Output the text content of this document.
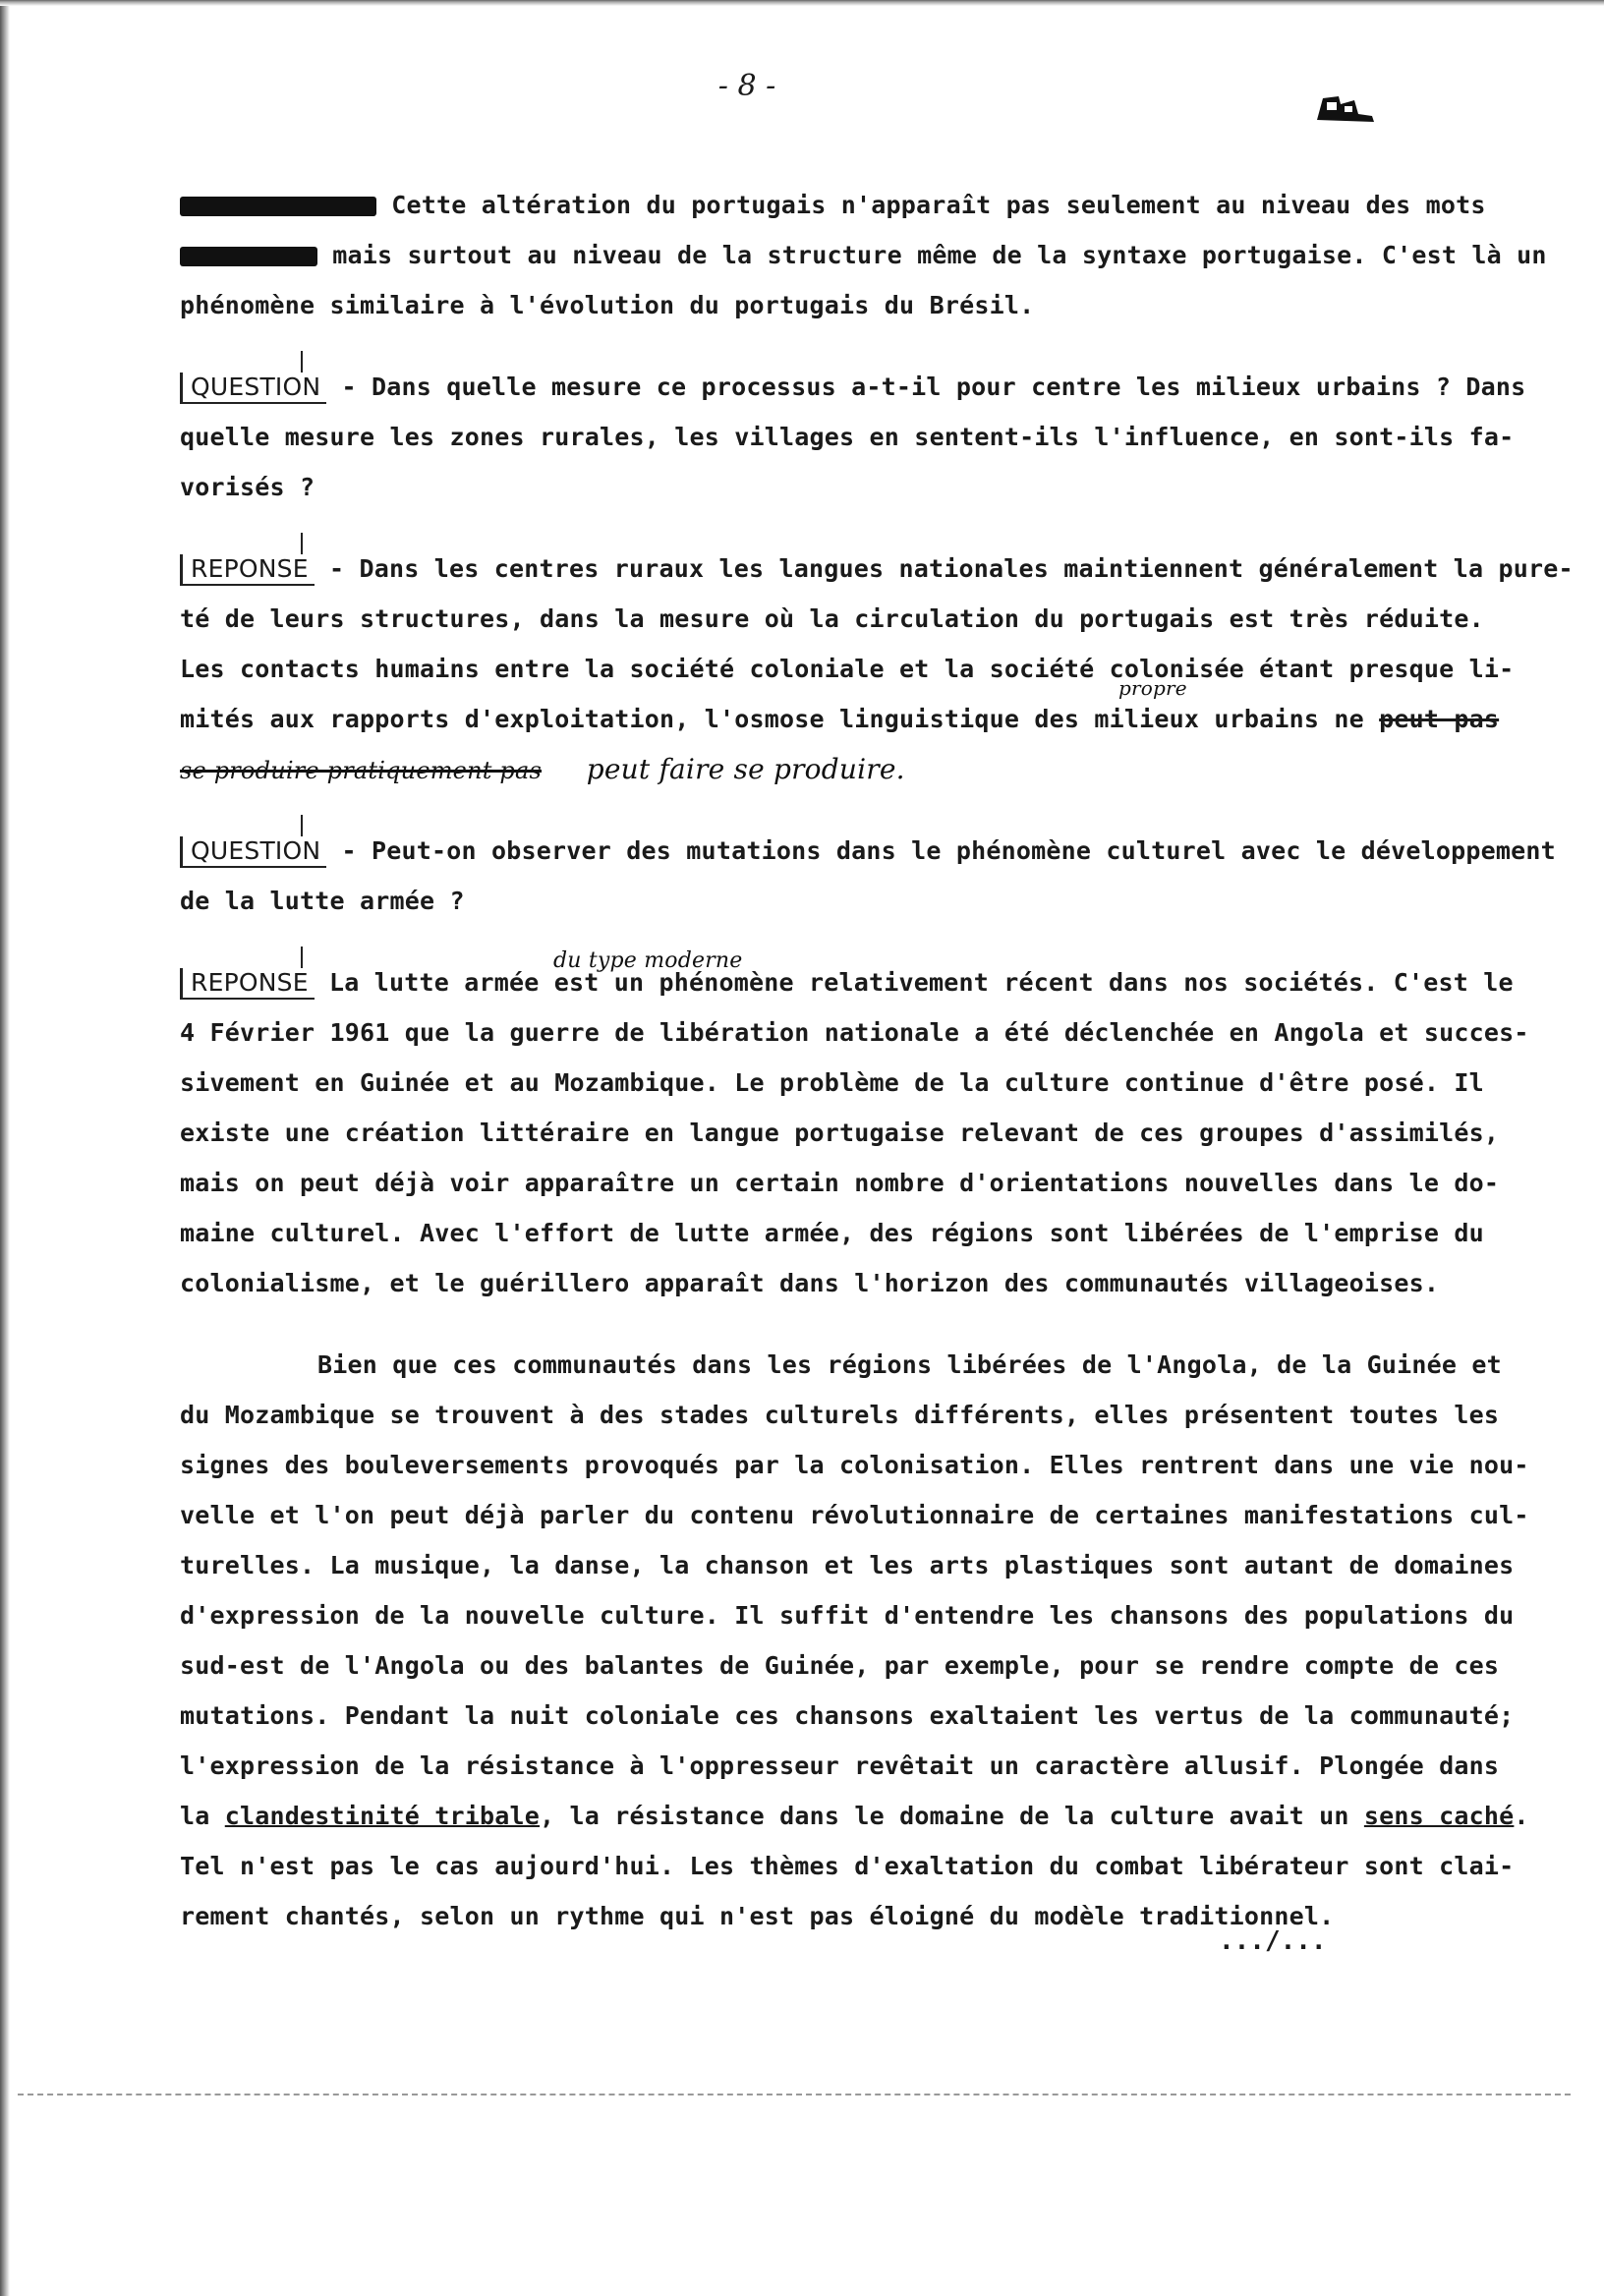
- 8 -
Cette altération du portugais n'apparaît pas seulement au niveau des mots
mais surtout au niveau de la structure même de la syntaxe portugaise. C'est là un
phénomène similaire à l'évolution du portugais du Brésil.
QUESTION - Dans quelle mesure ce processus a-t-il pour centre les milieux urbains ? Dans
quelle mesure les zones rurales, les villages en sentent-ils l'influence, en sont-ils fa-
vorisés ?
REPONSE - Dans les centres ruraux les langues nationales maintiennent généralement la pure-
té de leurs structures, dans la mesure où la circulation du portugais est très réduite.
Les contacts humains entre la société coloniale et la société colonisée étant presque li-
mités aux rapports d'exploitation, l'osmose linguistique des milieux urbains ne peut pas
se produire pratiquement pas peut faire se produire.
propre
QUESTION - Peut-on observer des mutations dans le phénomène culturel avec le développement
de la lutte armée ?
REPONSE La lutte armée est un phénomène relativement récent dans nos sociétés. C'est le
du type moderne
4 Février 1961 que la guerre de libération nationale a été déclenchée en Angola et succes-
sivement en Guinée et au Mozambique. Le problème de la culture continue d'être posé. Il
existe une création littéraire en langue portugaise relevant de ces groupes d'assimilés,
mais on peut déjà voir apparaître un certain nombre d'orientations nouvelles dans le do-
maine culturel. Avec l'effort de lutte armée, des régions sont libérées de l'emprise du
colonialisme, et le guérillero apparaît dans l'horizon des communautés villageoises.
Bien que ces communautés dans les régions libérées de l'Angola, de la Guinée et
du Mozambique se trouvent à des stades culturels différents, elles présentent toutes les
signes des bouleversements provoqués par la colonisation. Elles rentrent dans une vie nou-
velle et l'on peut déjà parler du contenu révolutionnaire de certaines manifestations cul-
turelles. La musique, la danse, la chanson et les arts plastiques sont autant de domaines
d'expression de la nouvelle culture. Il suffit d'entendre les chansons des populations du
sud-est de l'Angola ou des balantes de Guinée, par exemple, pour se rendre compte de ces
mutations. Pendant la nuit coloniale ces chansons exaltaient les vertus de la communauté;
l'expression de la résistance à l'oppresseur revêtait un caractère allusif. Plongée dans
la clandestinité tribale, la résistance dans le domaine de la culture avait un sens caché.
Tel n'est pas le cas aujourd'hui. Les thèmes d'exaltation du combat libérateur sont clai-
rement chantés, selon un rythme qui n'est pas éloigné du modèle traditionnel.
.../...
